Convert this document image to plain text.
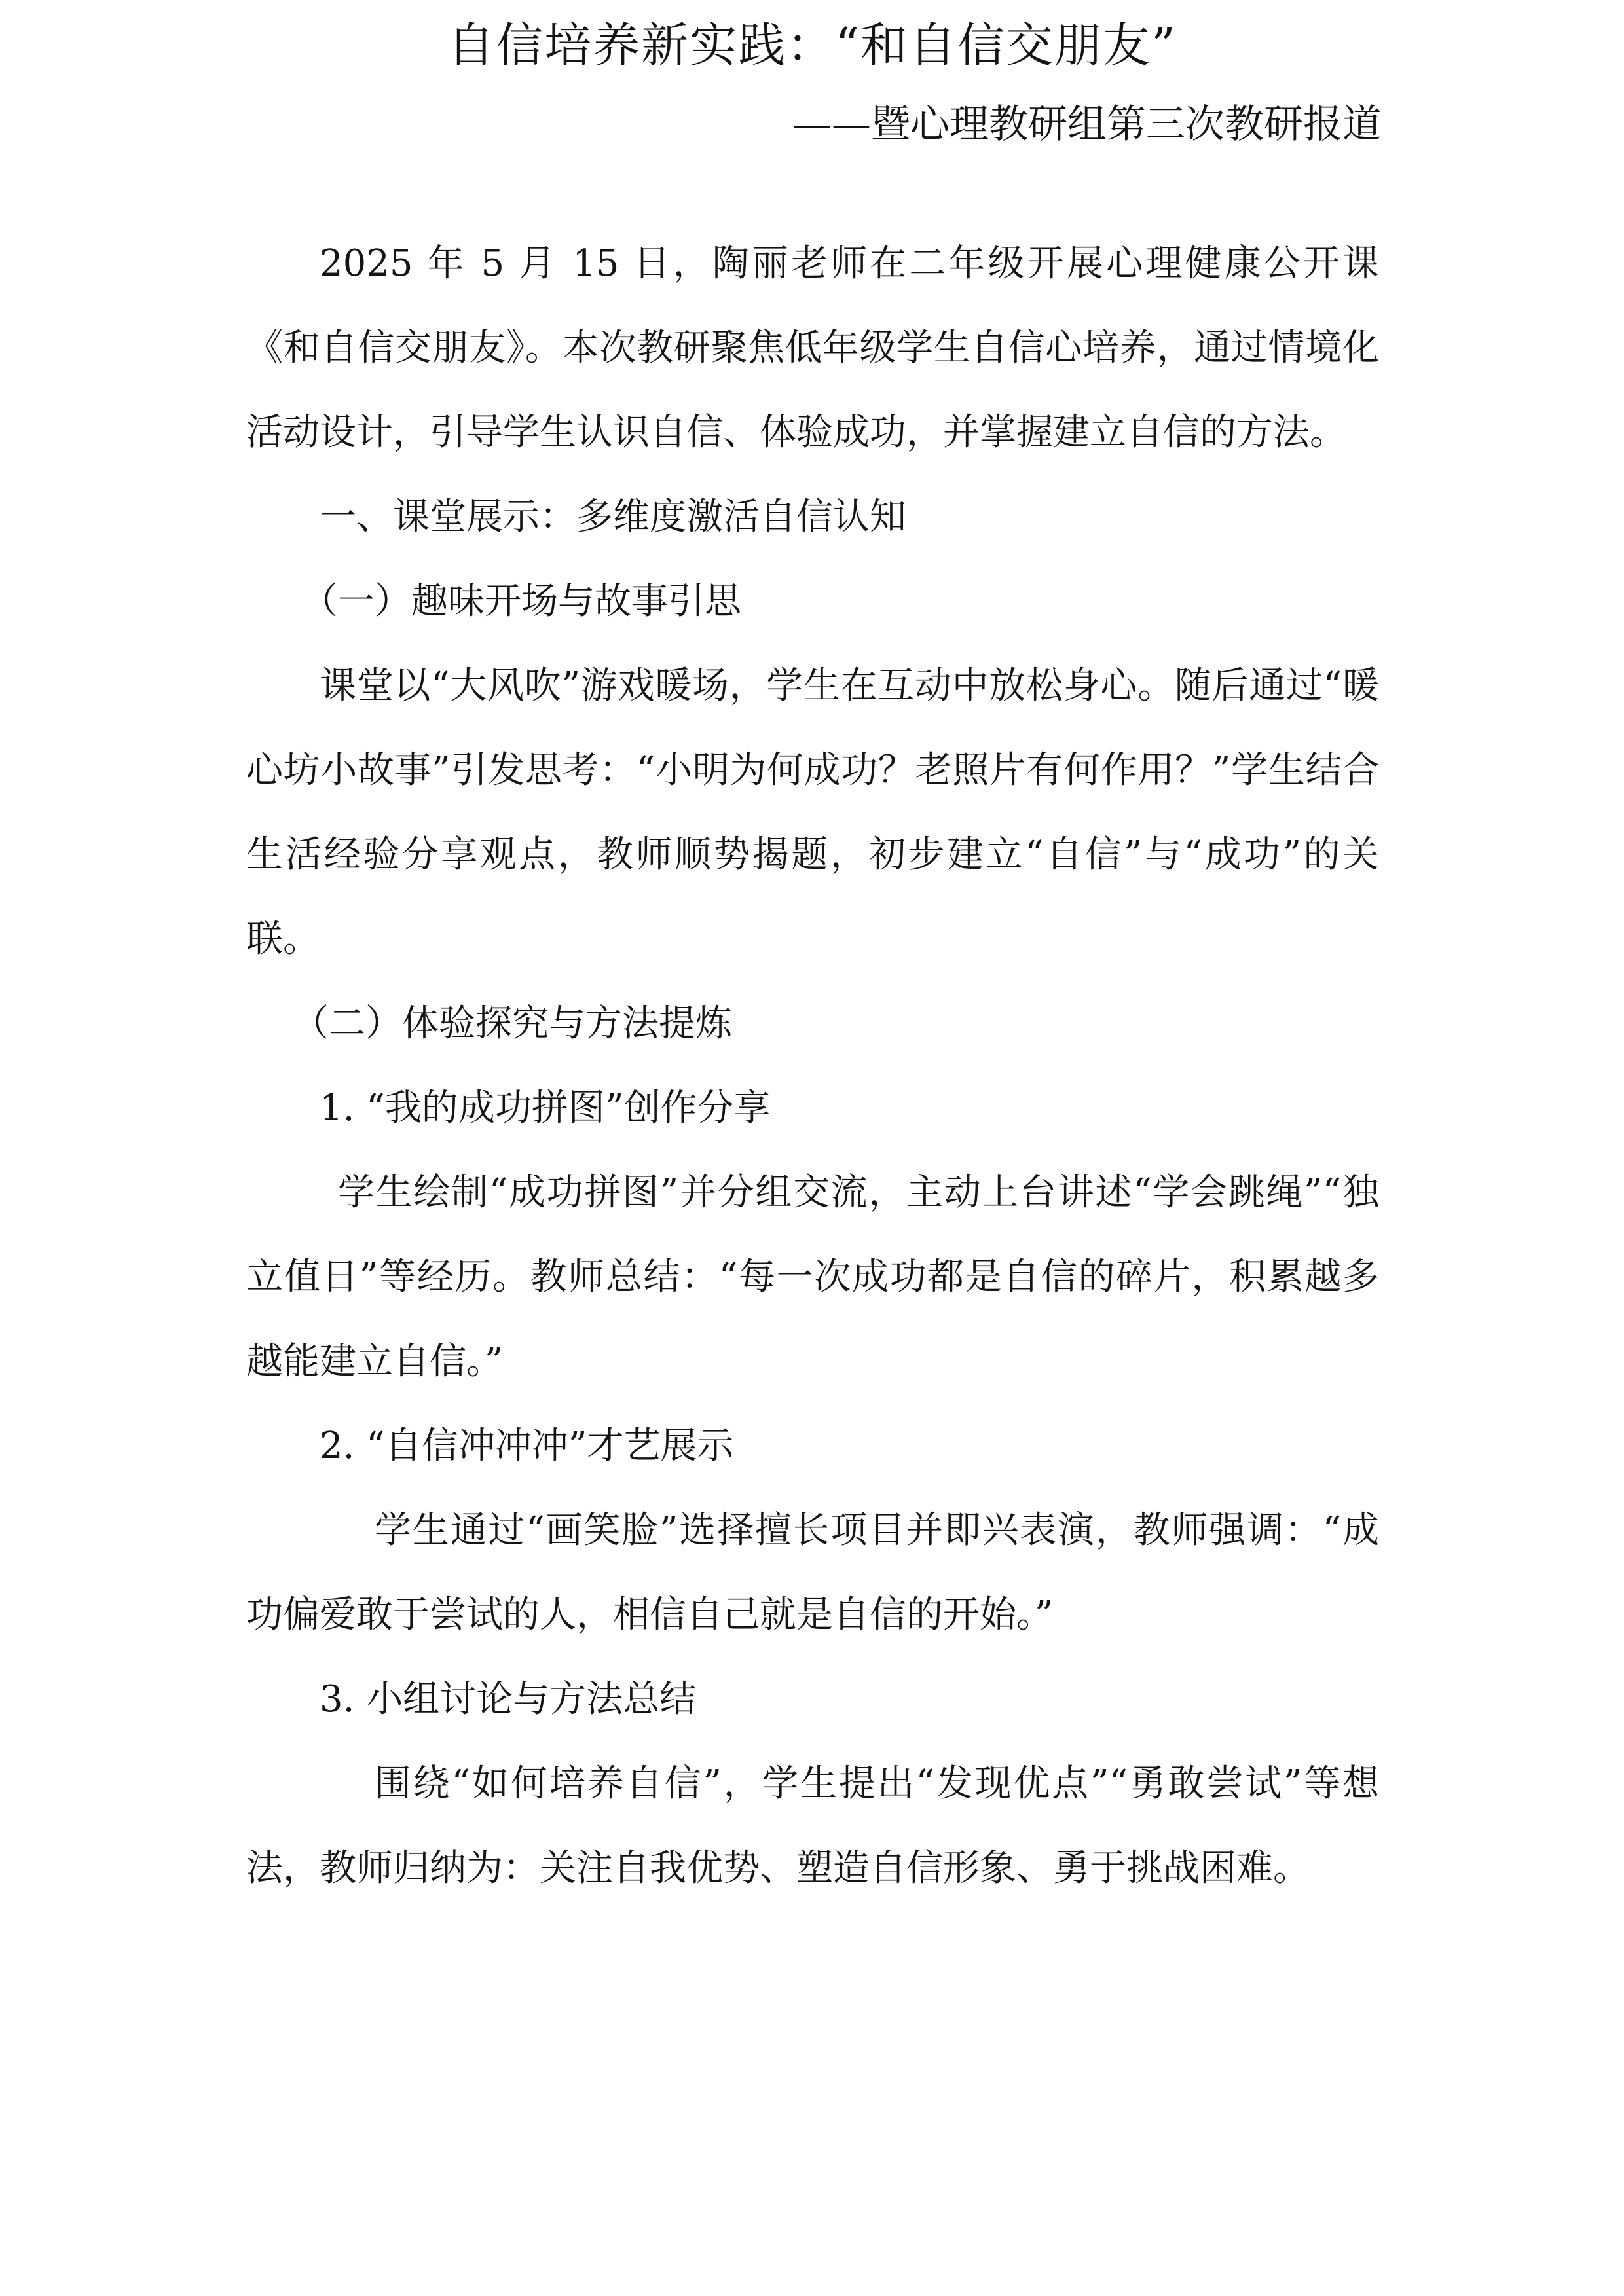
自信培养新实践：“和自信交朋友”
——暨心理教研组第三次教研报道

2025 年 5 月 15 日，陶丽老师在二年级开展心理健康公开课《和自信交朋友》。本次教研聚焦低年级学生自信心培养，通过情境化活动设计，引导学生认识自信、体验成功，并掌握建立自信的方法。

一、课堂展示：多维度激活自信认知

（一）趣味开场与故事引思

课堂以“大风吹”游戏暖场，学生在互动中放松身心。随后通过“暖心坊小故事”引发思考：“小明为何成功？老照片有何作用？”学生结合生活经验分享观点，教师顺势揭题，初步建立“自信”与“成功”的关联。

（二）体验探究与方法提炼

1. “我的成功拼图”创作分享

学生绘制“成功拼图”并分组交流，主动上台讲述“学会跳绳”“独立值日”等经历。教师总结：“每一次成功都是自信的碎片，积累越多越能建立自信。”

2. “自信冲冲冲”才艺展示

学生通过“画笑脸”选择擅长项目并即兴表演，教师强调：“成功偏爱敢于尝试的人，相信自己就是自信的开始。”

3. 小组讨论与方法总结

围绕“如何培养自信”，学生提出“发现优点”“勇敢尝试”等想法，教师归纳为：关注自我优势、塑造自信形象、勇于挑战困难。
